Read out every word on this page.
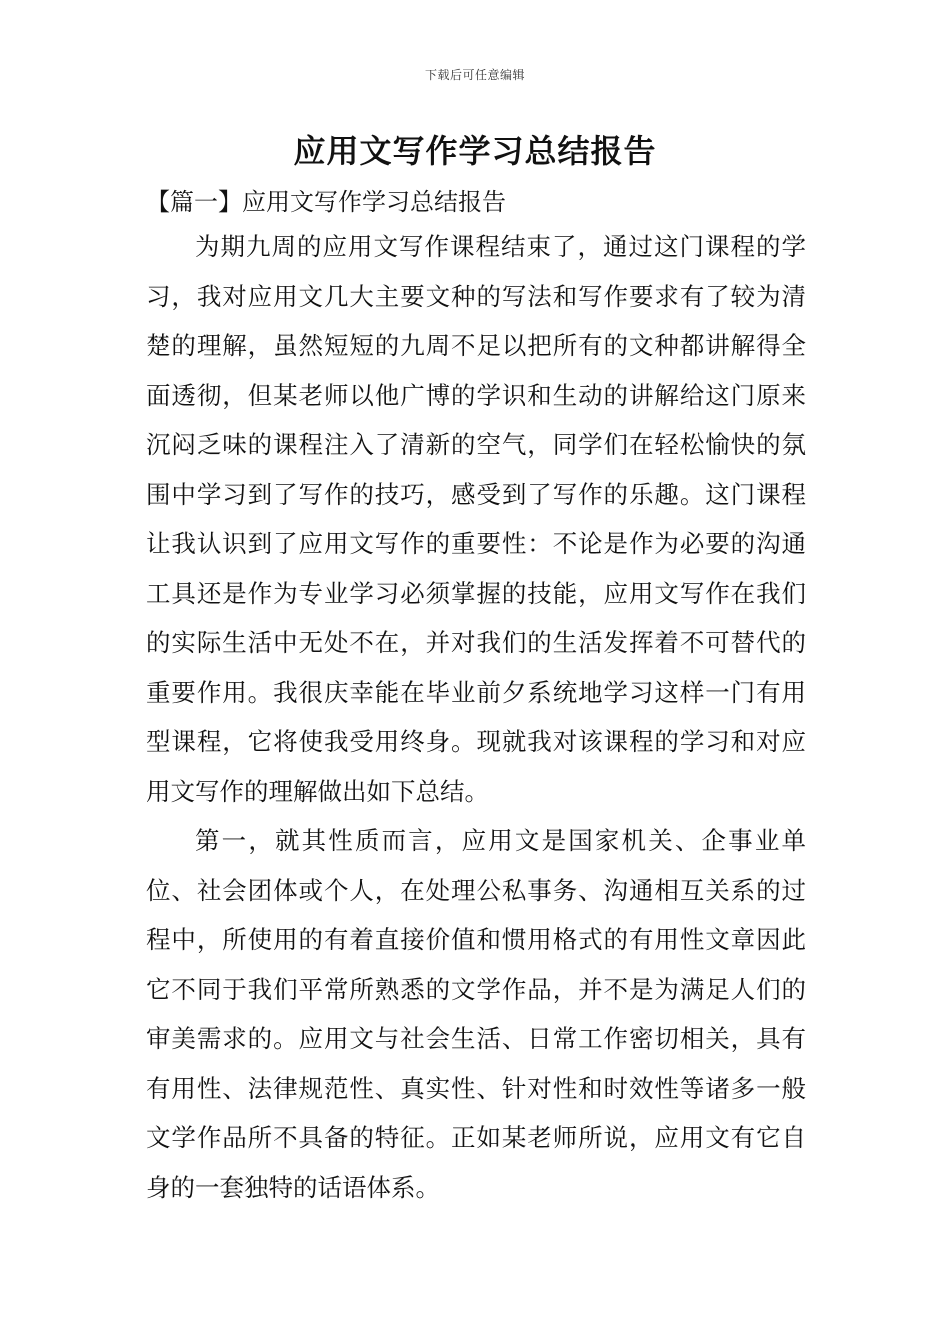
下载后可任意编辑
应用文写作学习总结报告
【篇一】应用文写作学习总结报告

为期九周的应用文写作课程结束了，通过这门课程的学习，我对应用文几大主要文种的写法和写作要求有了较为清楚的理解，虽然短短的九周不足以把所有的文种都讲解得全面透彻，但某老师以他广博的学识和生动的讲解给这门原来沉闷乏味的课程注入了清新的空气，同学们在轻松愉快的氛围中学习到了写作的技巧，感受到了写作的乐趣。这门课程让我认识到了应用文写作的重要性：不论是作为必要的沟通工具还是作为专业学习必须掌握的技能，应用文写作在我们的实际生活中无处不在，并对我们的生活发挥着不可替代的重要作用。我很庆幸能在毕业前夕系统地学习这样一门有用型课程，它将使我受用终身。现就我对该课程的学习和对应用文写作的理解做出如下总结。

第一，就其性质而言，应用文是国家机关、企事业单位、社会团体或个人，在处理公私事务、沟通相互关系的过程中，所使用的有着直接价值和惯用格式的有用性文章因此它不同于我们平常所熟悉的文学作品，并不是为满足人们的审美需求的。应用文与社会生活、日常工作密切相关，具有有用性、法律规范性、真实性、针对性和时效性等诸多一般文学作品所不具备的特征。正如某老师所说，应用文有它自身的一套独特的话语体系。
